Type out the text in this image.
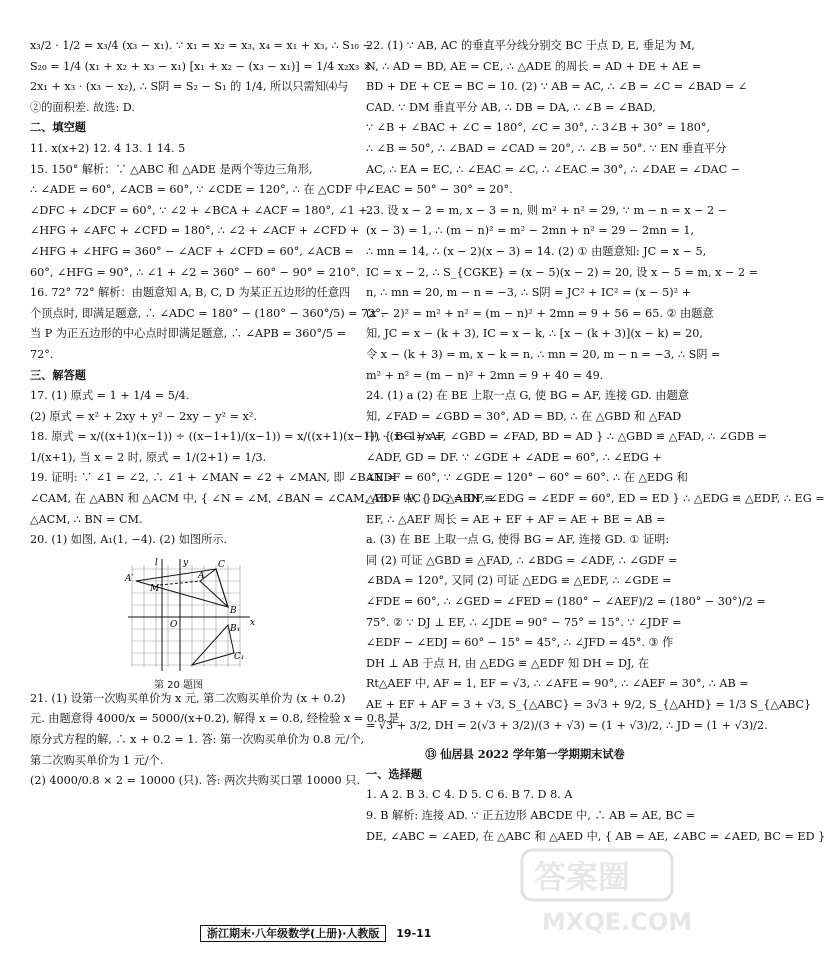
x₃/2 · 1/2 = x₃/4 (x₃ − x₁). ∵ x₁ = x₂ = x₃, x₄ = x₁ + x₃, ∴ S₁₀ −
S₂₀ = 1/4 (x₁ + x₂ + x₃ − x₁) [x₁ + x₂ − (x₃ − x₁)] = 1/4 x₂x₃ ×
2x₁ + x₃ · (x₃ − x₂), ∴ S阴 = S₂ − S₁ 的 1/4, 所以只需知⑷与
②的面积差. 故选: D.
二、填空题
11. x(x+2) 12. 4 13. 1 14. 5
15. 150° 解析：∵ △ABC 和 △ADE 是两个等边三角形,
∴ ∠ADE = 60°, ∠ACB = 60°, ∵ ∠CDE = 120°, ∴ 在 △CDF 中,
∠DFC + ∠DCF = 60°, ∵ ∠2 + ∠BCA + ∠ACF = 180°, ∠1 +
∠HFG + ∠AFC + ∠CFD = 180°, ∴ ∠2 + ∠ACF + ∠CFD +
∠HFG + ∠HFG = 360° − ∠ACF + ∠CFD = 60°, ∠ACB =
60°, ∠HFG = 90°, ∴ ∠1 + ∠2 = 360° − 60° − 90° = 210°.
16. 72° 72° 解析：由题意知 A, B, C, D 为某正五边形的任意四
个顶点时, 即满足题意, ∴ ∠ADC = 180° − (180° − 360°/5) = 72°.
当 P 为正五边形的中心点时即满足题意, ∴ ∠APB = 360°/5 =
72°.
三、解答题
17. (1) 原式 = 1 + 1/4 = 5/4.
(2) 原式 = x² + 2xy + y² − 2xy − y² = x².
18. 原式 = x/((x+1)(x−1)) ÷ ((x−1+1)/(x−1)) = x/((x+1)(x−1)) · (x−1)/x =
1/(x+1), 当 x = 2 时, 原式 = 1/(2+1) = 1/3.
19. 证明: ∵ ∠1 = ∠2, ∴ ∠1 + ∠MAN = ∠2 + ∠MAN, 即 ∠BAN =
∠CAM, 在 △ABN 和 △ACM 中, { ∠N = ∠M, ∠BAN = ∠CAM, AB = AC } ∴ △ABN ≌
△ACM, ∴ BN = CM.
20. (1) 如图, A₁(1, −4). (2) 如图所示.
l	y
A′	A
C
B
M
O	x
B₁
C₁
第 20 题图
21. (1) 设第一次购买单价为 x 元, 第二次购买单价为 (x + 0.2)
元. 由题意得 4000/x = 5000/(x+0.2), 解得 x = 0.8, 经检验 x = 0.8 是
原分式方程的解, ∴ x + 0.2 = 1. 答: 第一次购买单价为 0.8 元/个,
第二次购买单价为 1 元/个.
(2) 4000/0.8 × 2 = 10000 (只). 答: 两次共购买口罩 10000 只.
22. (1) ∵ AB, AC 的垂直平分线分别交 BC 于点 D, E, 垂足为 M,
N, ∴ AD = BD, AE = CE, ∴ △ADE 的周长 = AD + DE + AE =
BD + DE + CE = BC = 10. (2) ∵ AB = AC, ∴ ∠B = ∠C = ∠BAD = ∠
CAD. ∵ DM 垂直平分 AB, ∴ DB = DA, ∴ ∠B = ∠BAD,
∵ ∠B + ∠BAC + ∠C = 180°, ∠C = 30°, ∴ 3∠B + 30° = 180°,
∴ ∠B = 50°, ∴ ∠BAD = ∠CAD = 20°, ∴ ∠B = 50°. ∵ EN 垂直平分
AC, ∴ EA = EC, ∴ ∠EAC = ∠C, ∴ ∠EAC = 30°, ∴ ∠DAE = ∠DAC −
∠EAC = 50° − 30° = 20°.
23. 设 x − 2 = m, x − 3 = n, 则 m² + n² = 29, ∵ m − n = x − 2 −
(x − 3) = 1, ∴ (m − n)² = m² − 2mn + n² = 29 − 2mn = 1,
∴ mn = 14, ∴ (x − 2)(x − 3) = 14. (2) ① 由题意知: JC = x − 5,
IC = x − 2, ∴ S_{CGKE} = (x − 5)(x − 2) = 20, 设 x − 5 = m, x − 2 =
n, ∴ mn = 20, m − n = −3, ∴ S阴 = JC² + IC² = (x − 5)² +
(x − 2)² = m² + n² = (m − n)² + 2mn = 9 + 56 = 65. ② 由题意
知, JC = x − (k + 3), IC = x − k, ∴ [x − (k + 3)](x − k) = 20,
令 x − (k + 3) = m, x − k = n, ∴ mn = 20, m − n = −3, ∴ S阴 =
m² + n² = (m − n)² + 2mn = 9 + 40 = 49.
24. (1) a (2) 在 BE 上取一点 G, 使 BG = AF, 连接 GD. 由题意
知, ∠FAD = ∠GBD = 30°, AD = BD, ∴ 在 △GBD 和 △FAD
中, { BG = AF, ∠GBD = ∠FAD, BD = AD } ∴ △GBD ≌ △FAD, ∴ ∠GDB =
∠ADF, GD = DF. ∵ ∠GDE + ∠ADE = 60°, ∴ ∠EDG +
∠EDF = 60°, ∵ ∠GDE = 120° − 60° = 60°. ∴ 在 △EDG 和
△EDF 中, { DG = DF, ∠EDG = ∠EDF = 60°, ED = ED } ∴ △EDG ≌ △EDF, ∴ EG =
EF, ∴ △AEF 周长 = AE + EF + AF = AE + BE = AB =
a. (3) 在 BE 上取一点 G, 使得 BG = AF, 连接 GD. ① 证明:
同 (2) 可证 △GBD ≌ △FAD, ∴ ∠BDG = ∠ADF, ∴ ∠GDF =
∠BDA = 120°, 又同 (2) 可证 △EDG ≌ △EDF, ∴ ∠GDE =
∠FDE = 60°, ∴ ∠GED = ∠FED = (180° − ∠AEF)/2 = (180° − 30°)/2 =
75°. ② ∵ DJ ⊥ EF, ∴ ∠JDE = 90° − 75° = 15°. ∵ ∠JDF =
∠EDF − ∠EDJ = 60° − 15° = 45°, ∴ ∠JFD = 45°. ③ 作
DH ⊥ AB 于点 H, 由 △EDG ≌ △EDF 知 DH = DJ, 在
Rt△AEF 中, AF = 1, EF = √3, ∴ ∠AFE = 90°, ∴ ∠AEF = 30°, ∴ AB =
AE + EF + AF = 3 + √3, S_{△ABC} = 3√3 + 9/2, S_{△AHD} = 1/3 S_{△ABC}
= √3 + 3/2, DH = 2(√3 + 3/2)/(3 + √3) = (1 + √3)/2, ∴ JD = (1 + √3)/2.
⑬ 仙居县 2022 学年第一学期期末试卷
一、选择题
1. A 2. B 3. C 4. D 5. C 6. B 7. D 8. A
9. B 解析: 连接 AD. ∵ 正五边形 ABCDE 中, ∴ AB = AE, BC =
DE, ∠ABC = ∠AED, 在 △ABC 和 △AED 中, { AB = AE, ∠ABC = ∠AED, BC = ED }
浙江期末·八年级数学(上册)·人教版 19-11
答案圈
MXQE.COM
